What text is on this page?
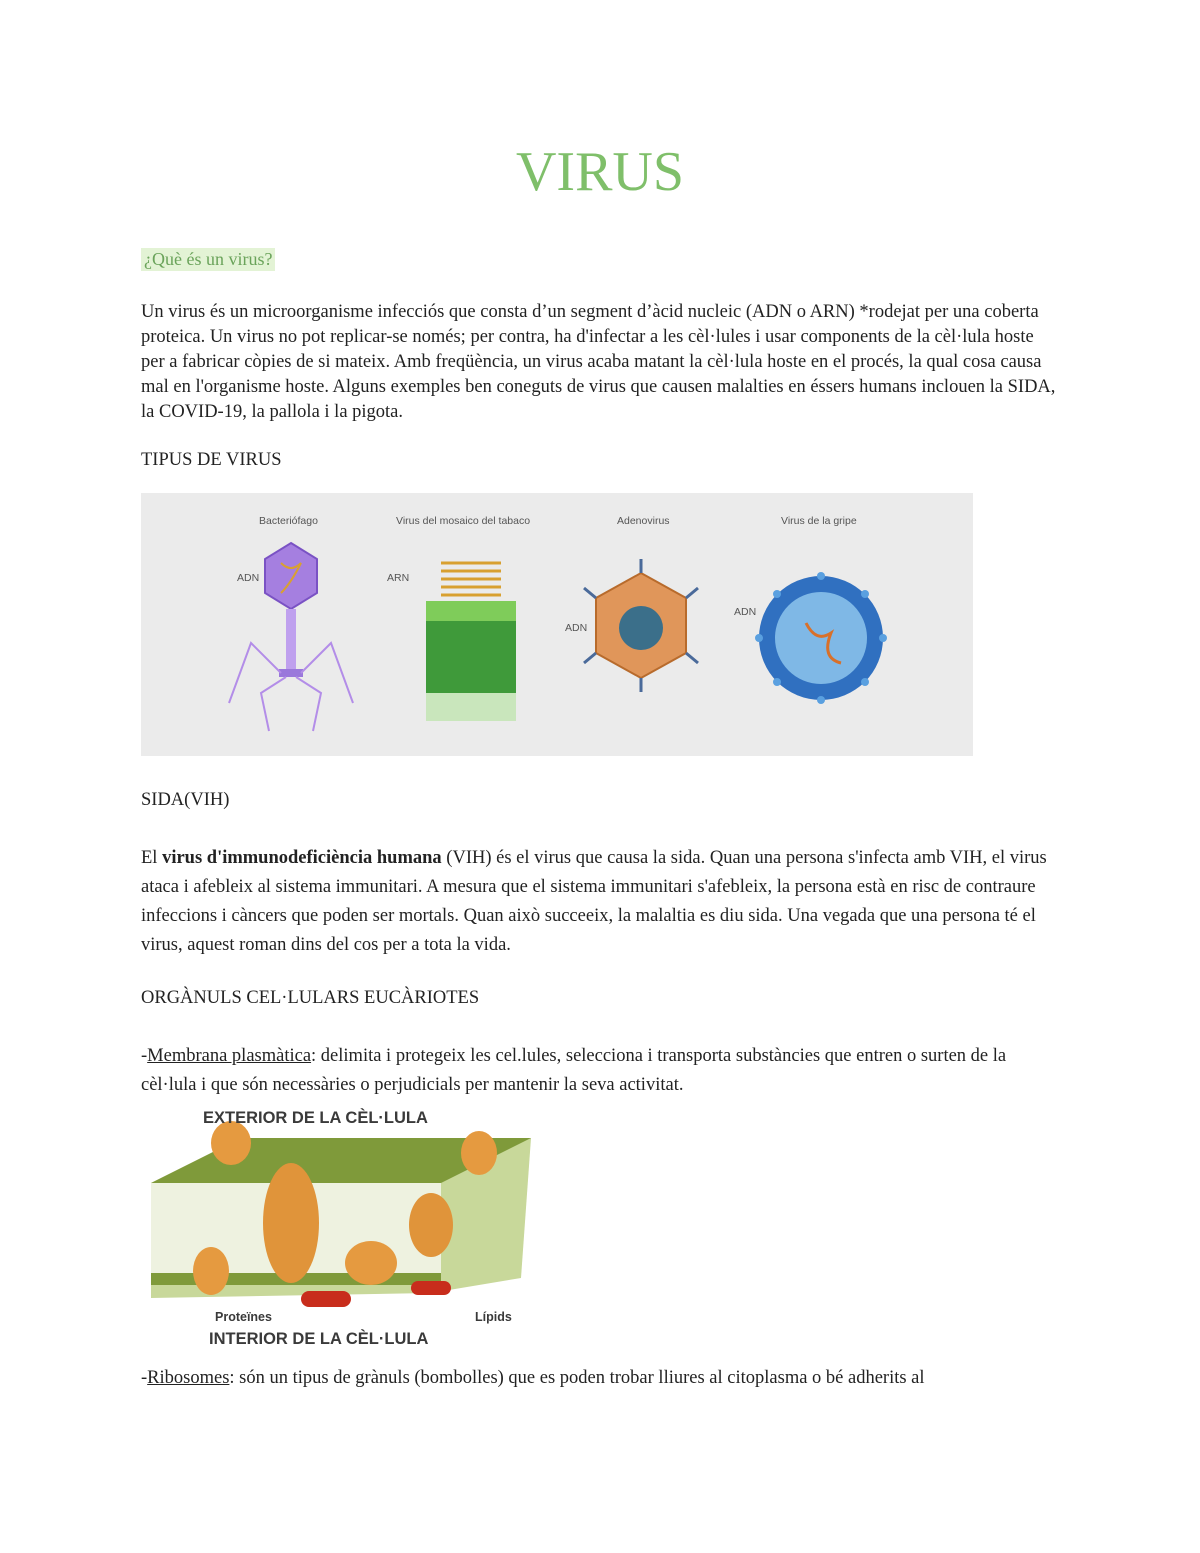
VIRUS
¿Què és un virus?
Un virus és un microorganisme infecciós que consta d’un segment d’àcid nucleic (ADN o ARN) *rodejat per una coberta proteica. Un virus no pot replicar-se només; per contra, ha d'infectar a les cèl·lules i usar components de la cèl·lula hoste per a fabricar còpies de si mateix. Amb freqüència, un virus acaba matant la cèl·lula hoste en el procés, la qual cosa causa mal en l'organisme hoste. Alguns exemples ben coneguts de virus que causen malalties en éssers humans inclouen la SIDA, la COVID-19, la pallola i la pigota.
TIPUS DE VIRUS
Bacteriófago	Virus del mosaico del tabaco	Adenovirus	Virus de la gripe
ADN	ARN
ADN
ADN
SIDA(VIH)
El virus d'immunodeficiència humana (VIH) és el virus que causa la sida. Quan una persona s'infecta amb VIH, el virus ataca i afebleix al sistema immunitari. A mesura que el sistema immunitari s'afebleix, la persona està en risc de contraure infeccions i càncers que poden ser mortals. Quan això succeeix, la malaltia es diu sida. Una vegada que una persona té el virus, aquest roman dins del cos per a tota la vida.
ORGÀNULS CEL·LULARS EUCÀRIOTES
-Membrana plasmàtica: delimita i protegeix les cel.lules, selecciona i transporta substàncies que entren o surten de la cèl·lula i que són necessàries o perjudicials per mantenir la seva activitat.
EXTERIOR DE LA CÈL·LULA
Proteïnes	Lípids
INTERIOR DE LA CÈL·LULA
-Ribosomes: són un tipus de grànuls (bombolles) que es poden trobar lliures al citoplasma o bé adherits al
